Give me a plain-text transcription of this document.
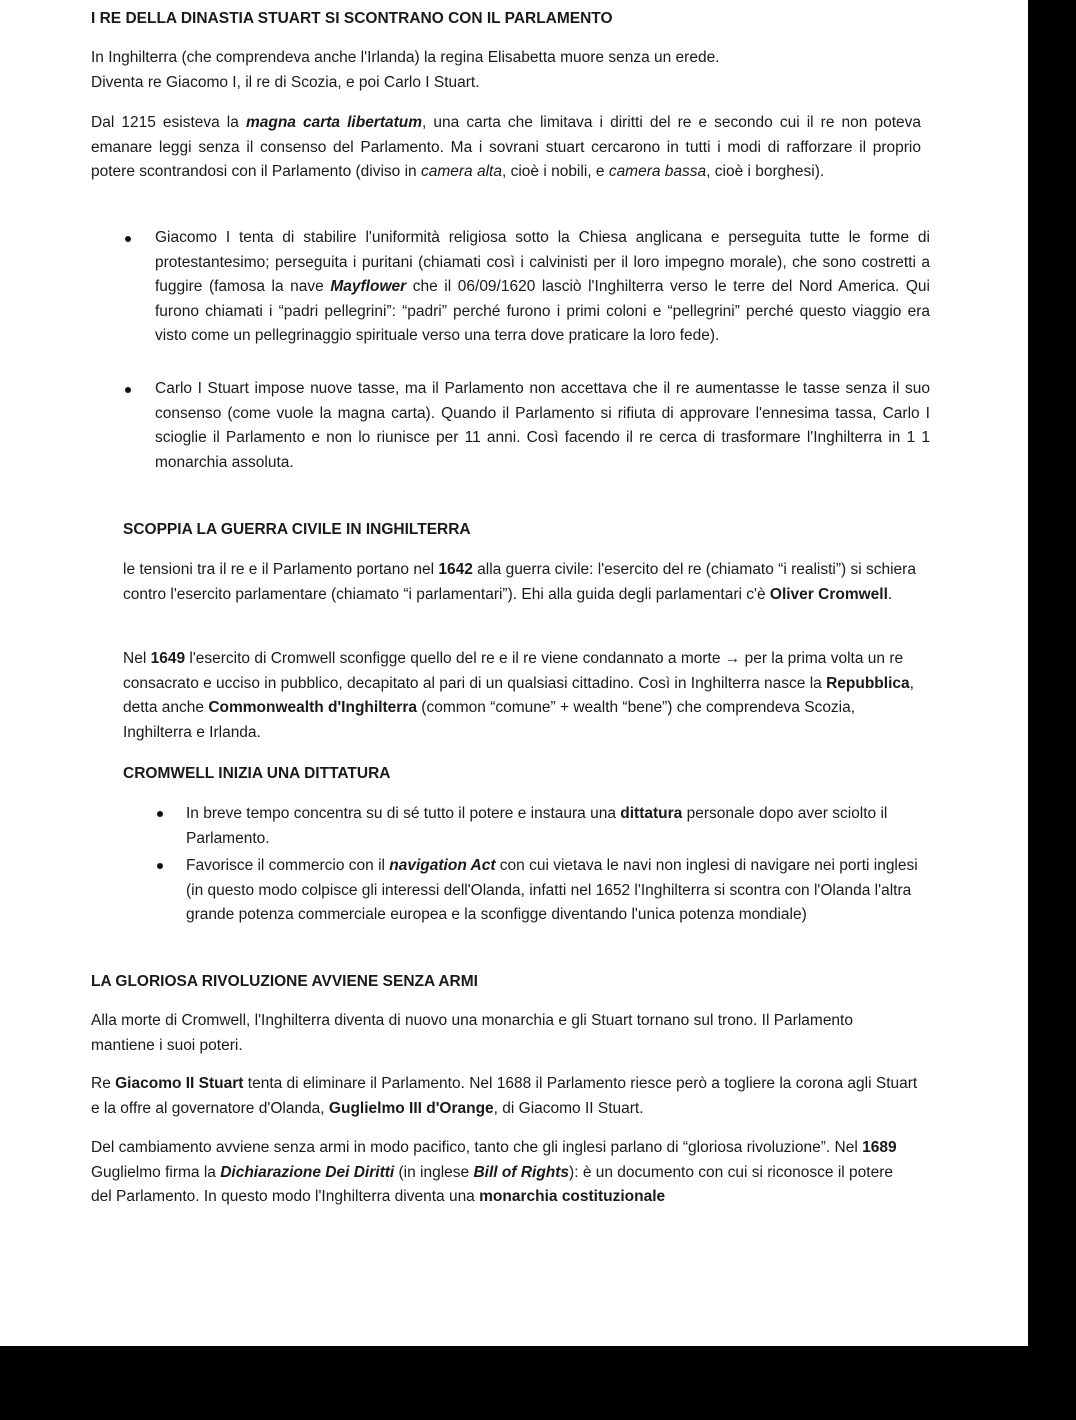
I RE DELLA DINASTIA STUART SI SCONTRANO CON IL PARLAMENTO
In Inghilterra (che comprendeva anche l'Irlanda) la regina Elisabetta muore senza un erede.
Diventa re Giacomo I, il re di Scozia, e poi Carlo I Stuart.
Dal 1215 esisteva la magna carta libertatum, una carta che limitava i diritti del re e secondo cui il re non poteva emanare leggi senza il consenso del Parlamento. Ma i sovrani stuart cercarono in tutti i modi di rafforzare il proprio potere scontrandosi con il Parlamento (diviso in camera alta, cioè i nobili, e camera bassa, cioè i borghesi).
Giacomo I tenta di stabilire l'uniformità religiosa sotto la Chiesa anglicana e perseguita tutte le forme di protestantesimo; perseguita i puritani (chiamati così i calvinisti per il loro impegno morale), che sono costretti a fuggire (famosa la nave Mayflower che il 06/09/1620 lasciò l'Inghilterra verso le terre del Nord America. Qui furono chiamati i “padri pellegrini”: “padri” perché furono i primi coloni e “pellegrini” perché questo viaggio era visto come un pellegrinaggio spirituale verso una terra dove praticare la loro fede).
Carlo I Stuart impose nuove tasse, ma il Parlamento non accettava che il re aumentasse le tasse senza il suo consenso (come vuole la magna carta). Quando il Parlamento si rifiuta di approvare l'ennesima tassa, Carlo I scioglie il Parlamento e non lo riunisce per 11 anni. Così facendo il re cerca di trasformare l'Inghilterra in 1 1 monarchia assoluta.
SCOPPIA LA GUERRA CIVILE IN INGHILTERRA
le tensioni tra il re e il Parlamento portano nel 1642 alla guerra civile: l'esercito del re (chiamato “i realisti”) si schiera contro l'esercito parlamentare (chiamato “i parlamentari”). Ehi alla guida degli parlamentari c'è Oliver Cromwell.
Nel 1649 l'esercito di Cromwell sconfigge quello del re e il re viene condannato a morte → per la prima volta un re consacrato e ucciso in pubblico, decapitato al pari di un qualsiasi cittadino. Così in Inghilterra nasce la Repubblica, detta anche Commonwealth d'Inghilterra (common “comune” + wealth “bene”) che comprendeva Scozia, Inghilterra e Irlanda.
CROMWELL INIZIA UNA DITTATURA
In breve tempo concentra su di sé tutto il potere e instaura una dittatura personale dopo aver sciolto il Parlamento.
Favorisce il commercio con il navigation Act con cui vietava le navi non inglesi di navigare nei porti inglesi (in questo modo colpisce gli interessi dell'Olanda, infatti nel 1652 l'Inghilterra si scontra con l'Olanda l'altra grande potenza commerciale europea e la sconfigge diventando l'unica potenza mondiale)
LA GLORIOSA RIVOLUZIONE AVVIENE SENZA ARMI
Alla morte di Cromwell, l'Inghilterra diventa di nuovo una monarchia e gli Stuart tornano sul trono. Il Parlamento mantiene i suoi poteri.
Re Giacomo II Stuart tenta di eliminare il Parlamento. Nel 1688 il Parlamento riesce però a togliere la corona agli Stuart e la offre al governatore d'Olanda, Guglielmo III d'Orange, di Giacomo II Stuart.
Del cambiamento avviene senza armi in modo pacifico, tanto che gli inglesi parlano di “gloriosa rivoluzione”. Nel 1689 Guglielmo firma la Dichiarazione Dei Diritti (in inglese Bill of Rights): è un documento con cui si riconosce il potere del Parlamento. In questo modo l'Inghilterra diventa una monarchia costituzionale
